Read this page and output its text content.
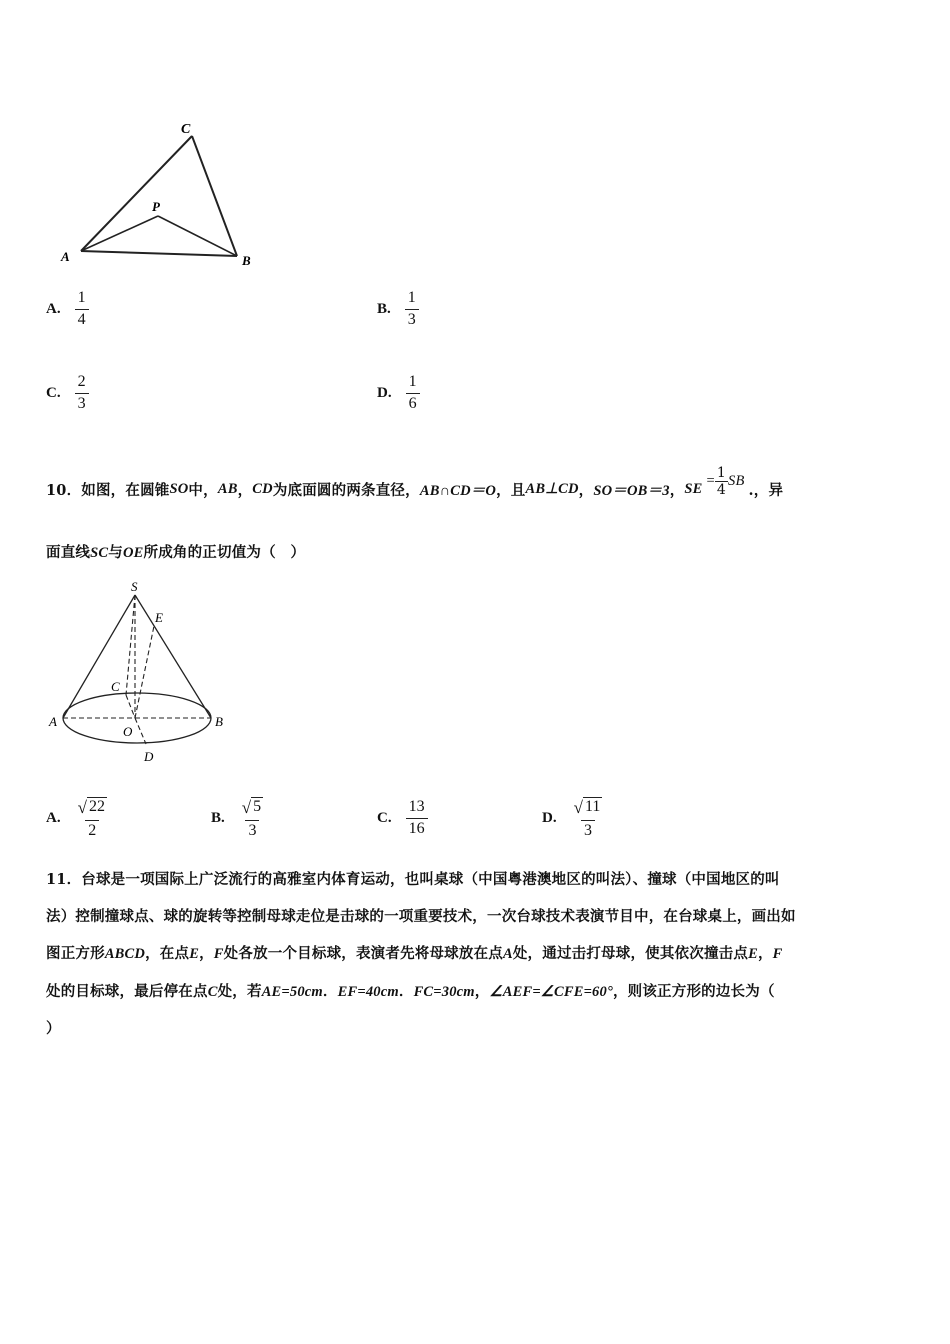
C
P
A	B
A. $\frac{1}{4}$	B. $\frac{1}{3}$
C. $\frac{2}{3}$	D. $\frac{1}{6}$
10．如图，在圆锥 SO 中， AB ， CD 为底面圆的两条直径， AB∩CD＝O ，且 AB⊥CD ， SO＝OB＝3 ， SE = $\frac{1}{4}$ SB
.，异
面直线SC与OE所成角的正切值为（　）
S
E
C
A
O
B
D
A. $\frac{√ 22}{2}$	B. $\frac{√ 5}{3}$	C. $\frac{13}{16}$	D. $\frac{√ 11}{3}$
11．台球是一项国际上广泛流行的高雅室内体育运动，也叫桌球（中国粤港澳地区的叫法）、撞球（中国地区的叫
法）控制撞球点、球的旋转等控制母球走位是击球的一项重要技术，一次台球技术表演节目中，在台球桌上，画出如
图正方形ABCD，在点E，F处各放一个目标球，表演者先将母球放在点A处，通过击打母球，使其依次撞击点E，F
处的目标球，最后停在点C处，若AE=50cm．EF=40cm．FC=30cm，∠AEF=∠CFE=60°，则该正方形的边长为（
）
